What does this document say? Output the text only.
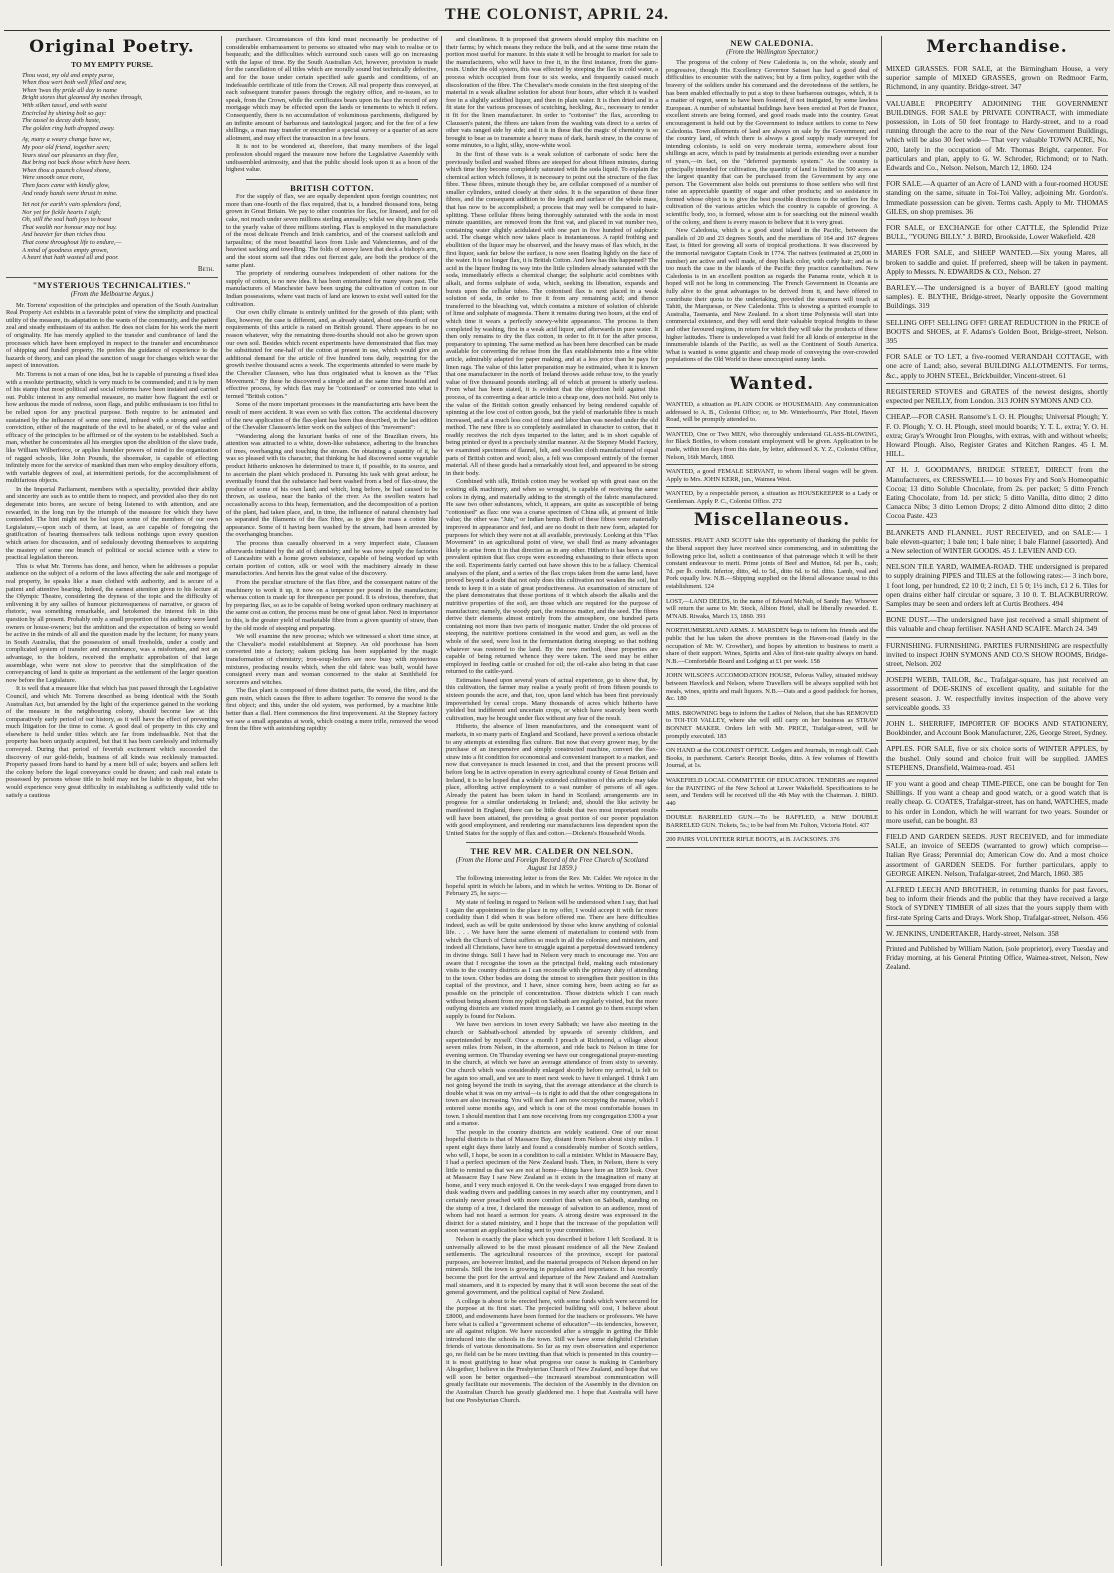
THE COLONIST, APRIL 24.
Original Poetry.
TO MY EMPTY PURSE.

Thou wast, my old and empty purse,

When thou wert both well filled and new,

When 'twas thy pride all day to name

Bright stores that gleamed thy meshes through,

With silken tassel, and with waist

Encircled by shining bolt so gay:

The tassel to decay doth haste,

The golden ring hath dropped away.

Ay, many a weary change have we,

My poor old friend, together seen;

Years steal our pleasures as they flee,

But bring not back those which have been.

When thou a paunch closed shone,

Were smooth once more,

Then faces came with kindly glow,

And ready hands were thrust in mine.

Yet not for earth's vain splendors fond,

Nor yet for fickle hearts I sigh;

Oh, still the soul hath joys to boast

That wealth nor honour may not buy.

And heavier far than riches thou

That come throughout life to endure,—

A mind of goodness empty grown,

A heart that hath wasted all and poor.

Beth.
"MYSTERIOUS TECHNICALITIES."
(From the Melbourne Argus.)

Mr. Torrens' exposition of the principles and operation of the South Australian Real Property Act exhibits in a favorable point of view the simplicity and practical utility of the measure, its adaptation to the wants of the community, and the patient zeal and steady enthusiasm of its author. He does not claim for his work the merit of originality. He has merely applied to the transfer and cumbrance of land the processes which have been employed in respect to the transfer and encumbrance of shipping and funded property. He prefers the guidance of experience to the hazards of theory, and can plead the sanction of usage for changes which wear the aspect of innovation.

Mr. Torrens is not a man of one idea, but he is capable of pursuing a fixed idea with a resolute pertinacity, which is very much to be commended; and it is by men of his stamp that most political and social reforms have been instated and carried out. Public interest in any remedial measure, no matter how flagrant the evil or how arduous the mode of redress, soon flags, and public enthusiasm is too fitful to be relied upon for any practical purpose. Both require to be animated and sustained by the influence of some one mind, imbued with a strong and settled conviction, either of the magnitude of the evil to be abated, or of the value and efficacy of the principles to be affirmed or of the system to be established. Such a man, whether he concentrates all his energies upon the abolition of the slave trade, like William Wilberforce, or applies humbler powers of mind to the organization of ragged schools, like John Pounds, the shoemaker, is capable of effecting infinitely more for the service of mankind than men who employ desultory efforts, with variable degrees of zeal, at intermittent periods, for the accomplishment of multifarious objects.

In the Imperial Parliament, members with a speciality, provided their ability and sincerity are such as to entitle them to respect, and provided also they do not degenerate into bores, are secure of being listened to with attention, and are rewarded, in the long run by the triumph of the measure for which they have contended. The hint might not be lost upon some of the members of our own Legislature,—upon such of them, at least, as are capable of foregoing the gratification of hearing themselves talk tedious nothings upon every question which arises for discussion, and of sedulously devoting themselves to acquiring the mastery of some one branch of political or social science with a view to practical legislation thereon.

This is what Mr. Torrens has done, and hence, when he addresses a popular audience on the subject of a reform of the laws affecting the sale and mortgage of real property, he speaks like a man clothed with authority, and is secure of a patient and attentive hearing. Indeed, the earnest attention given to his lecture at the Olympic Theatre, considering the dryness of the topic and the difficulty of enlivening it by any sallies of humour picturesqueness of narrative, or graces of rhetoric, was something remarkable, and betokened the interest felt in this question by all present. Probably only a small proportion of his auditory were land owners or house-owners; but the ambition and the expectation of being so would be active in the minds of all and the question made by the lecturer, for many years in South Australia, that the possession of small freeholds, under a costly and complicated system of transfer and encumbrance, was a misfortune, and not an advantage, to the holders, received the emphatic approbation of that large assemblage, who were not slow to perceive that the simplification of the conveyancing of land is quite as important as the settlement of the larger question now before the Legislature.

It is well that a measure like that which has just passed through the Legislative Council, and which Mr. Torrens described as being identical with the South Australian Act, but amended by the light of the experience gained in the working of the measure in the neighbouring colony, should become law at this comparatively early period of our history, as it will have the effect of preventing much litigation for the time to come. A good deal of property in this city and elsewhere is held under titles which are far from indefeasible. Not that the property has been unjustly acquired, but that it has been carelessly and informally conveyed. During that period of feverish excitement which succeeded the discovery of our gold-fields, business of all kinds was recklessly transacted. Property passed from hand to hand by a mere bill of sale; buyers and sellers left the colony before the legal conveyance could be drawn; and cash real estate is possessed by persons whose title to hold may not be liable to dispute, but who would experience very great difficulty in establishing a sufficiently valid title to satisfy a cautious

purchaser. Circumstances of this kind must necessarily be productive of considerable embarrassment to persons so situated who may wish to realise or to bequeath; and the difficulties which surround such cases will go on increasing with the lapse of time. By the South Australian Act, however, provision is made for the cancellation of all titles which are morally sound but technically defective, and for the issue under certain specified safe guards and conditions, of an indefeasible certificate of title from the Crown. All real property thus conveyed, at each subsequent transfer passes through the registry office, and re-issues, so to speak, from the Crown, while the certificates bears upon its face the record of any mortgage which may be effected upon the lands or tenements to which it refers. Consequently, there is no accumulation of voluminous parchments, disfigured by an infinite amount of barbarous and tautological jargon; and for the fee of a few shillings, a man may transfer or encumber a special survey or a quarter of an acre allotment, and may effect the transaction in a few hours.

It is not to be wondered at, therefore, that many members of the legal profession should regard the measure now before the Legislative Assembly with undissembled animosity, and that the public should look upon it as a boon of the highest value.

BRITISH COTTON.

For the supply of flax, we are equally dependent upon foreign countries; not more than one-fourth of the flax required, that is, a hundred thousand tons, being grown in Great Britain. We pay to other countries for flax, for linseed, and for oil cake, not much under seven millions sterling annually; whilst we ship linen goods to the yearly value of three millions sterling. Flax is employed in the manufacture of the most delicate French and Irish cambrics, and of the coarsest sailcloth and tarpaulins; of the most beautiful laces from Lisle and Valenciennes, and of the heaviest sacking and towelling. The folds of snowy lawn that deck a bishop's arm, and the stout storm sail that rides out fiercest gale, are both the produce of the same plant.

The propriety of rendering ourselves independent of other nations for the supply of cotton, is no new idea. It has been entertained for many years past. The manufacturers of Manchester have been urging the cultivation of cotton in our Indian possessions, where vast tracts of land are known to exist well suited for the cultivation.

Our own chilly climate is entirely unfitted for the growth of this plant; with flax, however, the case is different, and, as already stated, about one-fourth of our requirements of this article is raised on British ground. There appears to be no reason whatever, why the remaining three-fourths should not also be grown upon our own soil. Besides which recent experiments have demonstrated that flax may be substituted for one-half of the cotton at present in use, which would give an additional demand for the article of five hundred tons daily, requiring for the growth twelve thousand acres a week. The experiments attended to were made by the Chevalier Claussen, who has thus originated what is known as the "Flax Movement." By these he discovered a simple and at the same time beautiful and effective process, by which flax may be "cottonised" or converted into what is termed "British cotton."

Some of the more important processes in the manufacturing arts have been the result of mere accident. It was even so with flax cotton. The accidental discovery of the new application of the flax-plant has been thus described, in the last edition of the Chevalier Claussen's letter work on the subject of this "movement":

"Wandering along the luxuriant banks of one of the Brazilian rivers, his attention was attracted to a white, down-like substance, adhering to the branches of trees, overhanging and touching the stream. On obtaining a quantity of it, he was so pleased with its character, that thinking he had discovered some vegetable product hitherto unknown he determined to trace it, if possible, to its source, and to ascertain the plant which produced it. Pursuing his task with great ardour, he eventually found that the substance had been washed from a bed of flax-straw, the produce of some of his own land; and which, long before, he had caused to be thrown, as useless, near the banks of the river. As the swollen waters had occasionally access to this heap, fermentation, and the decomposition of a portion of the plant, had taken place, and, in time, the influence of natural chemistry had so separated the filaments of the flax fibre, as to give the mass a cotton like appearance. Some of it having been washed by the stream, had been arrested by the overhanging branches.

The process thus casually observed in a very imperfect state, Claussen afterwards imitated by the aid of chemistry; and he was now supply the factories of Lancashire with a home grown substance, capable of being worked up with certain portion of cotton, silk or wool with the machinery already in these manufactories. And herein lies the great value of the discovery.

From the peculiar structure of the flax fibre, and the consequent nature of the machinery to work it up, it now on a tenpence per pound in the manufacture; whereas cotton is made up for threepence per pound. It is obvious, therefore, that by preparing flax, so as to be capable of being worked upon ordinary machinery at the same cost as cotton, the process must be one of great labor. Next in importance to this, is the greater yield of marketable fibre from a given quantity of straw, than by the old mode of steeping and preparing.

We will examine the new process; which we witnessed a short time since, at the Chevalier's model establishment at Stepney. An old poorhouse has been converted into a factory; oakum picking has been supplanted by the magic transformation of chemistry; iron-soup-boilers are now busy with mysterious mixtures, producing results which, when the old fabric was built, would have consigned every man and woman concerned to the stake at Smithfield for sorcerers and witches.

The flax plant is composed of three distinct parts, the wood, the fibre, and the gum resin, which causes the fibre to adhere together. To remove the wood is the first object; and this, under the old system, was performed, by a machine little better than a flail. Here commences the first improvement. At the Stepney factory we saw a small apparatus at work, which costing a mere trifle, removed the wood from the fibre with astonishing rapidity

and cleanliness. It is proposed that growers should employ this machine on their farms; by which means they reduce the bulk, and at the same time retain the portion most useful for manure. In this state it will be brought to market for sale to the manufacturers, who will have to free it, in the first instance, from the gum-resin. Under the old system, this was effected by steeping the flax in cold water, a process which occupied from four to six weeks, and frequently caused much discoloration of the fibre. The Chevalier's mode consists in the first steeping of the material in a weak alkaline solution for about four hours, after which it is washed free in a slightly acidified liquor, and then in plain water. It is then dried and in a fit state for the various processes of scutching, heckling, &c., necessary to render it fit for the linen manufacturer. In order to "cottonise" the flax, according to Claussen's patent, the fibres are taken from the washing vats direct to a series of other vats ranged side by side; and it is in these that the magic of chemistry is so brought to bear as to transmute a heavy mass of dark, harsh straw, in the course of some minutes, to a light, silky, snow-white wool.

In the first of these vats is a weak solution of carbonate of soda: here the previously boiled and washed fibres are steeped for about fifteen minutes, during which time they become completely saturated with the soda liquid. To explain the chemical action which follows, it is necessary to point out the structure of the flax fibre. These fibres, minute though they be, are cellular composed of a number of smaller cylinders, united closely at their sides. It is the separation of these finer fibres, and the consequent addition to the length and surface of the whole mass, that has now to be accomplished; a process that may well be compared to hair-splitting. These cellular fibres being thoroughly saturated with the soda in most minute quantities, are removed from the first vat, and placed in vat number two, containing water slightly acidulated with one part in five hundred of sulphuric acid. The change which now takes place is instantaneous. A rapid frothing and ebullition of the liquor may be observed, and the heavy mass of flax which, in the first liquor, sank far below the surface, is now seen floating lightly on the face of the water. It is no longer flax, it is British Cotton. And how has this happened? The acid in the liquor finding its way into the little cylinders already saturated with the soda, immediately effects a chemical change; the sulphuric acid combines with alkali, and forms sulphate of soda, which, seeking its liberation, expands and bursts upon the cellular tubes. The cottonised flax is next placed in a weak solution of soda, in order to free it from any remaining acid; and thence transferred to the bleaching vat, which contains a mixture of solution of chloride of lime and sulphate of magnesia. There it remains during two hours, at the end of which time it wears a perfectly snowy-white appearance. The process is then completed by washing, first in a weak acid liquor, and afterwards in pure water. It then only remains to dry the flax cotton, in order to fit it for the after process, preparatory to spinning. The same method as has been here described can be made available for converting the refuse from the flax establishments into a fine white article, admirably adapted for paper making, and at a less price than he pays for linen rags. The value of this latter preparation may be estimated, when it is known that one manufacturer in the north of Ireland throws aside refuse tow, to the yearly value of five thousand pounds sterling; all of which at present is utterly useless. From what has been stated, it is evident that the objection held against this process, of its converting a dear article into a cheap one, does not hold. Not only is the value of the British cotton greatly enhanced by being rendered capable of spinning at the low cost of cotton goods, but the yield of marketable fibre is much increased, and at a much less cost of time and labor than was needed under the old method. The new fibre is so completely assimilated in character to cotton, that it readily receives the rich dyes imparted to the latter, and is in short capable of being printed or dyed in a precisely similar manner. At the Stepney Model Factory, we examined specimens of flannel, felt, and woollen cloth manufactured of equal parts of British cotton and wool; also, a felt was composed entirely of the former material. All of these goods had a remarkably stout feel, and appeared to be strong in their body.

Combined with silk, British cotton may be worked up with great ease on the existing silk machinery, and when so wrought, is capable of receiving the same colors in dying, and materially adding to the strength of the fabric manufactured. He saw two other substances, which, it appears, are quite as susceptible of being "cottonised" as flax: one was a coarse specimen of China silk, at present of little value; the other was "Jute," or Indian hemp. Both of these fibres were materially improved in appearance and feel, and are no doubt in their new form, adapted for purposes for which they were not at all available, previously. Looking at this "Flax Movement" in an agricultural point of view, we shall find as many advantages likely to arise from it in that direction as in any other. Hitherto it has been a most prevalent opinion that flax crops were exceeding exhausting to their effects upon the soil. Experiments fairly carried out have shown this to be a fallacy. Chemical analyses of the plant, and a series of the flax crops taken from the same land, have proved beyond a doubt that not only does this cultivation not weaken the soil, but tends to keep it in a state of great productiveness. An examination of structure of the plant demonstrates that those portions of it which absorb the alkalis and the nutritive properties of the soil, are those which are required for the purpose of manufacture; namely, the woody part, the resinous matter, and the seed. The fibres derive their elements almost entirely from the atmosphere, one hundred parts containing not more than two parts of inorganic matter. Under the old process of steeping, the nutritive portions contained in the wood and gum, as well as the whole of the seed, were lost in the fermentation during steeping; so that nothing whatever was restored to the land. By the new method, these properties are capable of being returned whence they were taken. The seed may be either employed in feeding cattle or crushed for oil; the oil-cake also being in that case returned to the cattle-yard.

Estimates based upon several years of actual experience, go to show that, by this cultivation, the farmer may realise a yearly profit of from fifteen pounds to sixteen pounds the acre, and that, too, upon land which has been first previously impoverished by cereal crops. Many thousands of acres which hitherto have yielded but indifferent and uncertain crops, or which have scarcely been worth cultivation, may be brought under flax without any fear of the result.

Hitherto, the absence of linen manufactures, and the consequent want of markets, in so many parts of England and Scotland, have proved a serious obstacle to any attempts at extending flax culture. But now that every grower may, by the purchase of an inexpensive and simply constructed machine, convert the flax-straw into a fit condition for economical and convenient transport to a market, and now that conveyance is much lessened in cost, and that the present process will before long be in active operation in every agricultural county of Great Britain and Ireland, it is to be hoped that a widely extended cultivation of this article may take place, affording active employment to a vast number of persons of all ages. Already the patent has been taken in hand in Scotland; arrangements are in progress for a similar undertaking in Ireland; and, should the like activity be manifested in England, there can be little doubt that two most important results will have been attained, the providing a great portion of our poorer population with good employment, and rendering our manufacturers less dependent upon the United States for the supply of flax and cotton.—Dickens's Household Words.

THE REV MR. CALDER ON NELSON.
(From the Home and Foreign Record of the Free Church of Scotland August 1st 1859.)

The following interesting letter is from the Rev. Mr. Calder. We rejoice in the hopeful spirit in which he labors, and in which he writes. Writing to Dr. Bonar of February 25, he says:—

My state of feeling in regard to Nelson will be understood when I say, that had I again the appointment to the place in my offer, I would accept it with far more cordiality than I did when it was before offered me. There are here difficulties indeed, such as will be quite understood by those who know anything of colonial life. . . . We have here the same element of materialism to contend with from which the Church of Christ suffers so much in all the colonies; and ministers, and indeed all Christians, have here to struggle against a perpetual downward tendency in divine things. Still I have had in Nelson very much to encourage me. You are aware that I recognise the town as the principal field, making such missionary visits to the country districts as I can reconcile with the primary duty of attending to the town. Other bodies are doing the utmost to strengthen their position in this capital of the province, and I have, since coming here, been acting so far as possible on the principle of concentration. Those districts which I can reach without being absent from my pulpit on Sabbath are regularly visited, but the more outlying districts are visited more irregularly, as I cannot go to them except when supply is found for Nelson.

We have two services in town every Sabbath; we have also meeting in the church or Sabbath-school attended by upwards of seventy children, and superintended by myself. Once a month I preach at Richmond, a village about seven miles from Nelson, in the afternoon, and ride back to Nelson in time for evening sermon. On Thursday evening we have our congregational prayer-meeting in the church, at which we have an average attendance of from sixty to seventy. Our church which was considerably enlarged shortly before my arrival, is felt to be again too small, and we are to meet next week to have it enlarged. I think I am not going beyond the truth in saying, that the average attendance at the church is double what it was on my arrival—is is right to add that the other congregations in town are also increasing. You will see that I am now occupying the manse, which I entered some months ago, and which is one of the most comfortable houses in town. I should mention that I am now receiving from my congregation £300 a year and a manse.

The people in the country districts are widely scattered. One of our most hopeful districts is that of Massacre Bay, distant from Nelson about sixty miles. I spent eight days there lately and found a considerably number of Scotch settlers, who will, I hope, be soon in a condition to call a minister. Whilst in Massacre Bay, I had a perfect specimen of the New Zealand bush. Then, in Nelson, there is very little to remind us that we are not at home—things have here an 1859 look. Over at Massacre Bay I saw New Zealand as it exists in the imagination of many at home, and I very much enjoyed it. On the week-days I was engaged from dawn to dusk wading rivers and paddling canoes in my search after my countrymen, and I certainly never preached with more comfort than when on Sabbath, standing on the stump of a tree, I declared the message of salvation to an audience, most of whom had not heard a sermon for years. A strong desire was expressed in the district for a stated ministry, and I hope that the increase of the population will soon warrant an application being sent to your committee.

Nelson is exactly the place which you described it before I left Scotland. It is universally allowed to be the most pleasant residence of all the New Zealand settlements. The agricultural resources of the province, except for pastoral purposes, are however limited, and the material prospects of Nelson depend on her minerals. Still the town is growing in population and importance. It has recently become the port for the arrival and departure of the New Zealand and Australian mail steamers, and it is expected by many that it will soon become the seat of the general government, and the political capital of New Zealand.

A college is about to be erected here, with some funds which were secured for the purpose at its first start. The projected building will cost, I believe about £8000, and endowments have been formed for the teachers or professors. We have here what is called a "government scheme of education"—its tendencies, however, are all against religion. We have succeeded after a struggle in getting the Bible introduced into the schools in the town. Still we have some delightful Christian friends of various denominations. So far as my own observation and experience go, no field can be be more inviting than that which is presented in this country—it is most gratifying to hear what progress our cause is making in Canterbury Altogether, I believe in the Presbyterian Church of New Zealand, and hope that we will soon be better organised—the increased steamboat communication will greatly facilitate our movements. The decision of the Assembly in the division on the Australian Church has greatly gladdened me. I hope that Australia will have but one Presbyterian Church.

NEW CALEDONIA.
(From the Wellington Spectator.)

The progress of the colony of New Caledonia is, on the whole, steady and progressive, though His Excellency Governor Saisset has had a good deal of difficulties to encounter with the natives; but by a firm policy, together with the bravery of the soldiers under his command and the devotedness of the settlers, he has been enabled effectually to put a stop to these barbarous outrages, which, it is a matter of regret, seem to have been fostered, if not instigated, by some lawless European. A number of substantial buildings have been erected at Port de France, excellent streets are being formed, and good roads made into the country. Great encouragement is held out by the Government to induce settlers to come to New Caledonia. Town allotments of land are always on sale by the Government; and the country land, of which there is always a good supply ready surveyed for intending colonists, is sold on very moderate terms, somewhere about four shillings an acre, which is paid by instalments at periods extending over a number of years,—in fact, on the "deferred payments system." As the country is principally intended for cultivation, the quantity of land is limited to 500 acres as the largest quantity that can be purchased from the Government by any one person. The Government also holds out premiums to those settlers who will first raise an appreciable quantity of sugar and other products; and so assistance in formed whose object is to give the best possible directions to the settlers for the cultivation of the various articles which the country is capable of growing. A scientific body, too, is formed, whose aim is for searching out the mineral wealth of the colony, and there is every reason to believe that it is very great.

New Caledonia, which is a good sized island in the Pacific, between the parallels of 20 and 23 degrees South, and the meridians of 164 and 167 degrees East, is fitted for growing all sorts of tropical productions. It was discovered by the immortal navigator Captain Cook in 1774. The natives (estimated at 25,000 in number) are active and well made, of deep black color, with curly hair; and as is too much the case in the islands of the Pacific they practice cannibalism. New Caledonia is in an excellent position as regards the Panama route, which it is hoped will not be long in commencing. The French Government in Oceania are fully alive to the great advantages to be derived from it, and have offered to contribute their quota to the undertaking, provided the steamers will touch at Tahiti, the Marquesas, or New Caledonia. This is showing a spirited example to Australia, Tasmania, and New Zealand. In a short time Polynesia will start into commercial existence, and they will send their valuable tropical freights to these and other favoured regions, in return for which they will take the products of these higher latitudes. There is undeveloped a vast field for all kinds of enterprise in the innumerable islands of the Pacific, as well as the Continent of South America. What is wanted is some gigantic and cheap mode of conveying the over-crowded populations of the Old World to these unoccupied sunny lands.

Wanted.
WANTED, a situation as PLAIN COOK or HOUSEMAID. Any communication addressed to A. B., Colonist Office; or, to Mr. Winterbourn's, Pier Hotel, Haven Road, will be promptly attended to.
WANTED, One or Two MEN, who thoroughly understand GLASS-BLOWING, for Black Bottles, to whom constant employment will be given. Application to be made, within ten days from this date, by letter, addressed X. Y. Z., Colonist Office, Nelson, 16th March, 1860.
WANTED, a good FEMALE SERVANT, to whom liberal wages will be given. Apply to Mrs. JOHN KERR, jun., Waimea West.
WANTED, by a respectable person, a situation as HOUSEKEEPER to a Lady or Gentleman. Apply P. C., Colonist Office. 272
Miscellaneous.
MESSRS. PRATT AND SCOTT take this opportunity of thanking the public for the liberal support they have received since commencing, and in submitting the following price list, solicit a continuance of that patronage which it will be their constant endeavour to merit. Prime joints of Beef and Mutton, 6d. per lb., cash; 7d. per lb. credit. Inferior, ditto, 4d. to 5d., ditto 6d. to 6d. ditto. Lamb, veal and Pork equally low. N.B.—Shipping supplied on the liberal allowance usual to this establishment. 124
LOST,—LAND DEEDS, in the name of Edward McNab, of Sandy Bay. Whoever will return the same to Mr. Stock, Albion Hotel, shall be liberally rewarded. E. M'NAB. Riwaka, March 13, 1860. 391
NORTHUMBERLAND ARMS. J. MARSDEN begs to inform his friends and the public that he has taken the above premises in the Haven-road (lately in the occupation of Mr. W. Crowther), and hopes by attention to business to merit a share of their support. Wines, Spirits and Ales of first-rate quality always on hand. N.B.—Comfortable Board and Lodging at £1 per week. 158
JOHN WILSON'S ACCOMODATION HOUSE, Pelorus Valley, situated midway between Havelock and Nelson, where Travellers will be always supplied with hot meals, wines, spirits and malt liquors. N.B.—Oats and a good paddock for horses, &c. 180
MRS. BROWNING begs to inform the Ladies of Nelson, that she has REMOVED to TOI-TOI VALLEY, where she will still carry on her business as STRAW BONNET MAKER. Orders left with Mr. PRICE, Trafalgar-street, will be promptly executed. 183
ON HAND at the COLONIST OFFICE. Ledgers and Journals, in rough calf. Cash Books, in parchment. Carter's Receipt Books, ditto. A few volumes of Howitt's Journal, at 1s.
WAKEFIELD LOCAL COMMITTEE OF EDUCATION. TENDERS are required for the PAINTING of the New School at Lower Wakefield. Specifications to be seen, and Tenders will be received till the 4th May with the Chairman. J. BIRD. 440
DOUBLE BARRELED GUN.—To be RAFFLED, a NEW DOUBLE BARRELED GUN. Tickets, 5s.; to be had from Mr. Fulton, Victoria Hotel. 437
200 PAIRS VOLUNTEER RIFLE BOOTS, at B. JACKSON'S. 376
Merchandise.
MIXED GRASSES. FOR SALE, at the Birmingham House, a very superior sample of MIXED GRASSES, grown on Redmoor Farm, Richmond, in any quantity. Bridge-street. 347
VALUABLE PROPERTY ADJOINING THE GOVERNMENT BUILDINGS. FOR SALE by PRIVATE CONTRACT, with immediate possession, in Lots of 50 feet frontage to Hardy-street, and to a road running through the acre to the rear of the New Government Buildings, which will be also 30 feet wide— That very valuable TOWN ACRE, No. 200, lately in the occupation of Mr. Thomas Bright, carpenter. For particulars and plan, apply to G. W. Schroder, Richmond; or to Nath. Edwards and Co., Nelson. Nelson, March 12, 1860. 124
FOR SALE.—A quarter of an Acre of LAND with a four-roomed HOUSE standing on the same, situate in Toi-Toi Valley, adjoining Mr. Gordon's. Immediate possession can be given. Terms cash. Apply to Mr. THOMAS GILES, on shop premises. 36
FOR SALE, or EXCHANGE for other CATTLE, the Splendid Prize BULL, "YOUNG BILLY." J. BIRD, Brookside, Lower Wakefield. 428
MARES FOR SALE, and SHEEP WANTED.—Six young Mares, all broken to saddle and quiet. If preferred, sheep will be taken in payment. Apply to Messrs. N. EDWARDS & CO., Nelson. 27
BARLEY.—The undersigned is a buyer of BARLEY (good malting samples). E. BLYTHE, Bridge-street, Nearly opposite the Government Buildings. 319
SELLING OFF! SELLING OFF! GREAT REDUCTION in the PRICE of BOOTS and SHOES, at F. Adams's Golden Boot, Bridge-street, Nelson. 395
FOR SALE or TO LET, a five-roomed VERANDAH COTTAGE, with one acre of Land; also, several BUILDING ALLOTMENTS. For terms, &c., apply to JOHN STEEL, Brickbuilder, Vincent-street. 61
REGISTERED STOVES and GRATES of the newest designs, shortly expected per NEILLY, from London. 313 JOHN SYMONS AND CO.
CHEAP.—FOR CASH. Ransome's I. O. H. Ploughs; Universal Plough; Y. F. O. Plough; Y. O. H. Plough, steel mould boards; Y. T. L. extra; Y. O. H. extra; Gray's Wrought Iron Ploughs, with extras, with and without wheels; Howard Plough. Also, Register Grates and Kitchen Ranges. 45 I. M. HILL.
AT H. J. GOODMAN'S, BRIDGE STREET, DIRECT from the Manufacturers, ex CRESSWELL— 10 boxes Fry and Son's Homeopathic Cocoa; 13 ditto Soluble Chocolate, from 2s. per packet; 5 ditto French Eating Chocolate, from 1d. per stick; 5 ditto Vanilla, ditto ditto; 2 ditto Canacca Nibs; 3 ditto Lemon Drops; 2 ditto Almond ditto ditto; 2 ditto Cocoa Paste. 423
BLANKETS AND FLANNEL. JUST RECEIVED, and on SALE:— 1 bale eleven-quarter; 1 bale ten; 1 bale nine; 1 bale Flannel (assorted). And a New selection of WINTER GOODS. 45 J. LEVIEN AND CO.
NELSON TILE YARD, WAIMEA-ROAD. THE undersigned is prepared to supply draining PIPES and TILES at the following rates:— 3 inch bore, 1 foot long, per hundred, £2 10 0; 2 inch, £1 5 0; 1½ inch, £1 2 6. Tiles for open drains either half circular or square, 3 10 0. T. BLACKBURROW. Samples may be seen and orders left at Curtis Brothers. 494
BONE DUST.—The undersigned have just received a small shipment of this valuable and cheap fertiliser. NASH AND SCAIFE. March 24. 349
FURNISHING. FURNISHING. PARTIES FURNISHING are respectfully invited to inspect JOHN SYMONS AND CO.'S SHOW ROOMS, Bridge-street, Nelson. 202
JOSEPH WEBB, TAILOR, &c., Trafalgar-square, has just received an assortment of DOE-SKINS of excellent quality, and suitable for the present season. J. W. respectfully invites inspection of the above very serviceable goods. 33
JOHN L. SHERRIFF, IMPORTER OF BOOKS AND STATIONERY, Bookbinder, and Account Book Manufacturer, 226, George Street, Sydney.
APPLES. FOR SALE, five or six choice sorts of WINTER APPLES, by the bushel. Only sound and choice fruit will be supplied. JAMES STEPHENS, Dransfield, Waimea-road. 451
IF you want a good and cheap TIME-PIECE, one can be bought for Ten Shillings. If you want a cheap and good watch, or a good watch that is really cheap. G. COATES, Trafalgar-street, has on hand, WATCHES, made to his order in London, which he will warrant for two years. Sounder or more useful, can be bought. 83
FIELD AND GARDEN SEEDS. JUST RECEIVED, and for immediate SALE, an invoice of SEEDS (warranted to grow) which comprise— Italian Rye Grass; Perennial do; American Cow do. And a most choice assortment of GARDEN SEEDS. For further particulars, apply to GEORGE AIKEN. Nelson, Trafalgar-street, 2nd March, 1860. 385
ALFRED LEECH AND BROTHER, in returning thanks for past favors, beg to inform their friends and the public that they have received a large Stock of SYDNEY TIMBER of all sizes that the yours supply them with first-rate Spring Carts and Drays. Work Shop, Trafalgar-street, Nelson. 456
W. JENKINS, UNDERTAKER, Hardy-street, Nelson. 358
Printed and Published by William Nation, (sole proprietor), every Tuesday and Friday morning, at his General Printing Office, Waimea-street, Nelson, New Zealand.
